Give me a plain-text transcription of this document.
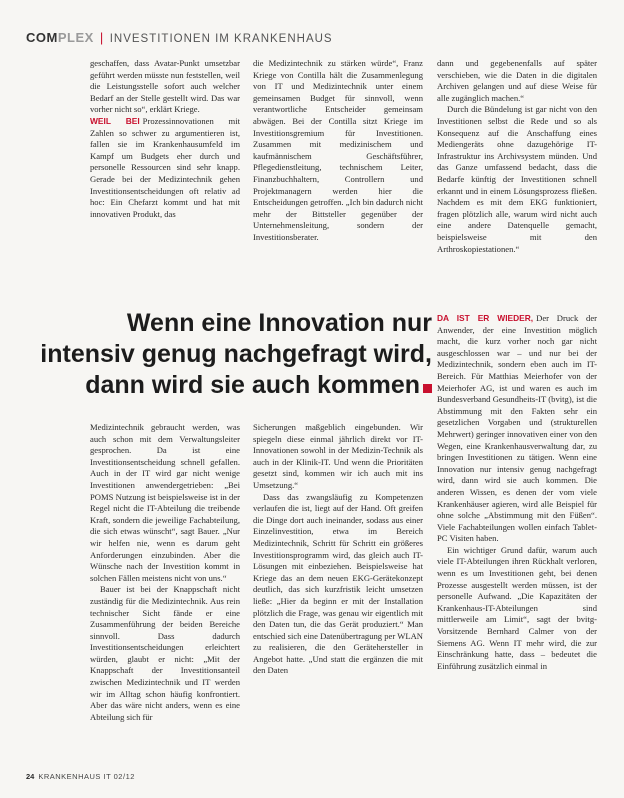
COMPLEX | INVESTITIONEN IM KRANKENHAUS

geschaffen, dass Avatar-Punkt umsetzbar geführt werden müsste nun feststellen, weil die Leistungsstelle sofort auch welcher Bedarf an der Stelle gestellt wird. Das war vorher nicht so“, erklärt Kriege.

WEIL BEI Prozessinnovationen mit Zahlen so schwer zu argumentieren ist, fallen sie im Krankenhausumfeld im Kampf um Budgets eher durch und personelle Ressourcen sind sehr knapp. Gerade bei der Medizintechnik gehen Investitionsentscheidungen oft relativ ad hoc: Ein Chefarzt kommt und hat mit innovativen Produkt, das

die Medizintechnik zu stärken würde“, Franz Kriege von Contilla hält die Zusammenlegung von IT und Medizintechnik unter einem gemeinsamen Budget für sinnvoll, wenn verantwortliche Entscheider gemeinsam abwägen. Bei der Contilla sitzt Kriege im Investitionsgremium für Investitionen. Zusammen mit medizinischem und kaufmännischem Geschäftsführer, Pflegedienstleitung, technischem Leiter, Finanzbuchhaltern, Controllern und Projektmanagern werden hier die Entscheidungen getroffen. „Ich bin dadurch nicht mehr der Bittsteller gegenüber der Unternehmensleitung, sondern der Investitionsberater.

dann und gegebenenfalls auf später verschieben, wie die Daten in die digitalen Archiven gelangen und auf diese Weise für alle zugänglich machen.“

Durch die Bündelung ist gar nicht von den Investitionen selbst die Rede und so als Konsequenz auf die Anschaffung eines Mediengeräts ohne dazugehörige IT-Infrastruktur ins Archivsystem münden. Und das Ganze umfassend bedacht, dass die Bedarfe künftig der Investitionen schnell erkannt und in einem Lösungsprozess fließen. Nachdem es mit dem EKG funktioniert, fragen plötzlich alle, warum wird nicht auch eine andere Datenquelle gemacht, beispielsweise mit den Arthroskopiestationen.“

Wenn eine Innovation nur intensiv genug nachgefragt wird, dann wird sie auch kommen

Medizintechnik gebraucht werden, was auch schon mit dem Verwaltungsleiter gesprochen. Da ist eine Investitionsentscheidung schnell gefallen. Auch in der IT wird gar nicht wenige Investitionen anwendergetrieben: „Bei POMS Nutzung ist beispielsweise ist in der Regel nicht die IT-Abteilung die treibende Kraft, sondern die jeweilige Fachabteilung, die sich etwas wünscht“, sagt Bauer. „Nur wir helfen nie, wenn es darum geht Anforderungen einzubinden. Aber die Wünsche nach der Investition kommt in solchen Fällen meistens nicht von uns.“

Bauer ist bei der Knappschaft nicht zuständig für die Medizintechnik. Aus rein technischer Sicht fände er eine Zusammenführung der beiden Bereiche sinnvoll. Dass dadurch Investitionsentscheidungen erleichtert würden, glaubt er nicht: „Mit der Knappschaft der Investitionsanteil zwischen Medizintechnik und IT werden wir im Alltag schon häufig konfrontiert. Aber das wäre nicht anders, wenn es eine Abteilung sich für

Sicherungen maßgeblich eingebunden. Wir spiegeln diese einmal jährlich direkt vor IT-Innovationen sowohl in der Medizin-Technik als auch in der Klinik-IT. Und wenn die Prioritäten gesetzt sind, kommen wir ich auch mit ins Umsetzung.“

Dass das zwangsläufig zu Kompetenzen verlaufen die ist, liegt auf der Hand. Oft greifen die Dinge dort auch ineinander, sodass aus einer Einzelinvestition, etwa im Bereich Medizintechnik, Schritt für Schritt ein größeres Investitionsprogramm wird, das gleich auch IT-Lösungen mit einbeziehen. Beispielsweise hat Kriege das an dem neuen EKG-Gerätekonzept deutlich, das sich kurzfristik leicht umsetzen ließe: „Hier da beginn er mit der Installation plötzlich die Frage, was genau wir eigentlich mit den Daten tun, die das Gerät produziert.“ Man entschied sich eine Datenübertragung per WLAN zu realisieren, die den Gerätehersteller in Angebot hatte. „Und statt die ergänzen die mit den Daten

DA IST ER WIEDER, Der Druck der Anwender, der eine Investition möglich macht, die kurz vorher noch gar nicht ausgeschlossen war – und nur bei der Medizintechnik, sondern eben auch im IT-Bereich. Für Matthias Meierhofer von der Meierhofer AG, ist und waren es auch im Bundesverband Gesundheits-IT (bvitg), ist die Abstimmung mit den Fakten sehr ein gesetzlichen Vorgaben und (strukturellen Mehrwert) geringer innovativen einer von den Wegen, eine Krankenhausverwaltung dar, zu bringen Investitionen zu tätigen. Wenn eine Innovation nur intensiv genug nachgefragt wird, dann wird sie auch kommen. Die anderen Wissen, es denen der vom viele Krankenhäuser agieren, wird alle Beispiel für ohne solche „Abstimmung mit den Füßen“. Viele Fachabteilungen wollen einfach Tablet-PC Visiten haben.

Ein wichtiger Grund dafür, warum auch viele IT-Abteilungen ihren Rückhalt verloren, wenn es um Investitionen geht, bei denen Prozesse ausgestellt werden müssen, ist der personelle Aufwand. „Die Kapazitäten der Krankenhaus-IT-Abteilungen sind mittlerweile am Limit“, sagt der bvitg-Vorsitzende Bernhard Calmer von der Siemens AG. Wenn IT mehr wird, die zur Einschränkung hatte, dass – bedeutet die Einführung zusätzlich einmal in

24 KRANKENHAUS IT 02/12
